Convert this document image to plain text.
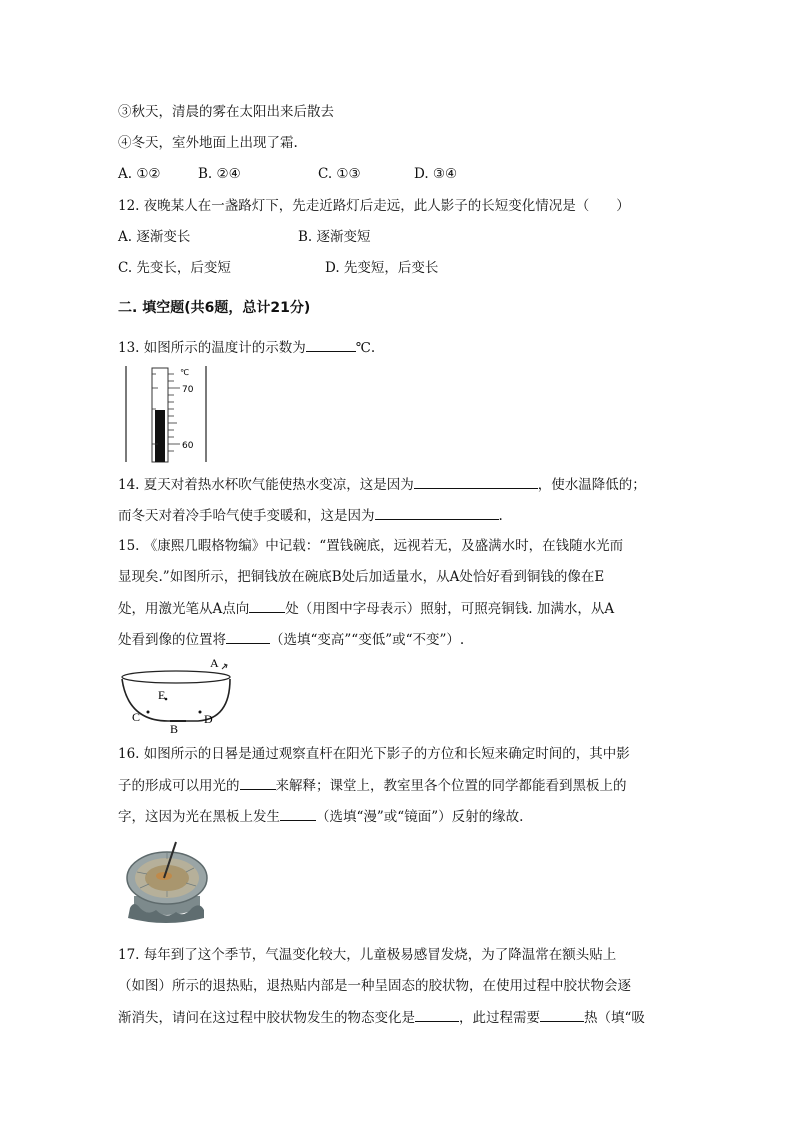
③秋天，清晨的雾在太阳出来后散去
④冬天，室外地面上出现了霜.
A. ①②	B. ②④	C. ①③	D. ③④
12. 夜晚某人在一盏路灯下，先走近路灯后走远，此人影子的长短变化情况是（　　）
A. 逐渐变长	B. 逐渐变短
C. 先变长，后变短	D. 先变短，后变长
二. 填空题(共6题，总计21分)
13. 如图所示的温度计的示数为	℃.
℃
70
60
14. 夏天对着热水杯吹气能使热水变凉，这是因为	，使水温降低的；
而冬天对着冷手哈气使手变暖和，这是因为	.
15. 《康熙几暇格物编》中记载：“置钱碗底，远视若无，及盛满水时，在钱随水光而
显现矣.”如图所示，把铜钱放在碗底B处后加适量水，从A处恰好看到铜钱的像在E
处，用激光笔从A点向	处（用图中字母表示）照射，可照亮铜钱. 加满水，从A
处看到像的位置将	（选填“变高”“变低”或“不变”）.
A
E
C
B
D
16. 如图所示的日晷是通过观察直杆在阳光下影子的方位和长短来确定时间的，其中影
子的形成可以用光的	来解释；课堂上，教室里各个位置的同学都能看到黑板上的
字，这因为光在黑板上发生	（选填“漫”或“镜面”）反射的缘故.
17. 每年到了这个季节，气温变化较大，儿童极易感冒发烧，为了降温常在额头贴上
（如图）所示的退热贴，退热贴内部是一种呈固态的胶状物，在使用过程中胶状物会逐
渐消失，请问在这过程中胶状物发生的物态变化是	，此过程需要	热（填“吸
